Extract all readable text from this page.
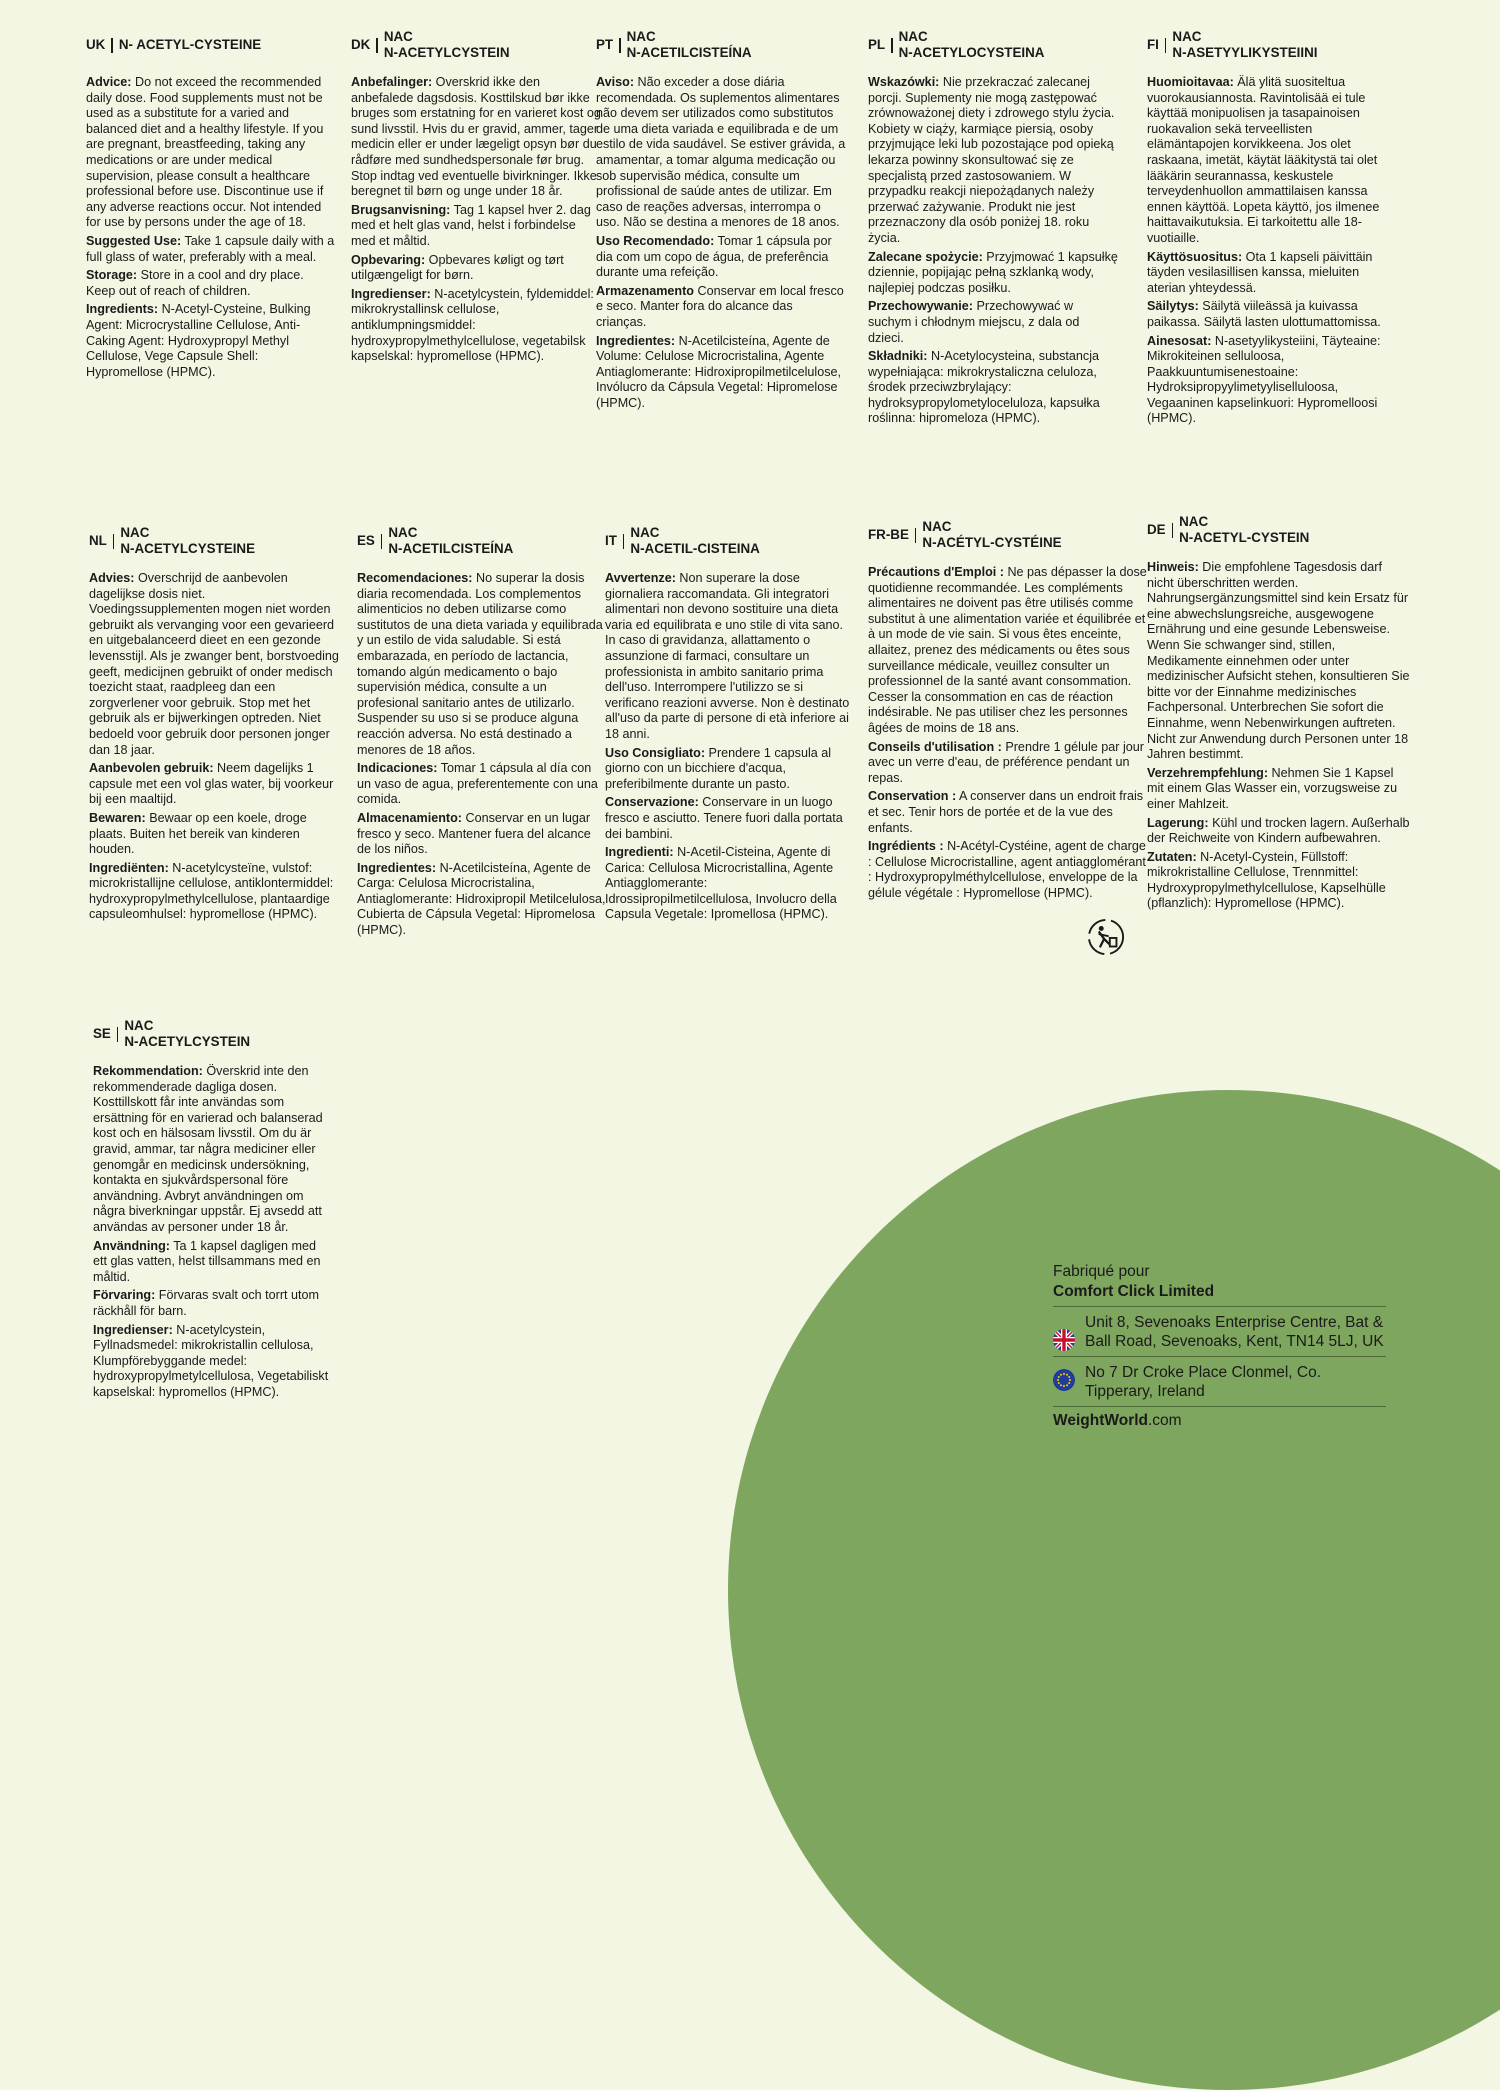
UK N- ACETYL-CYSTEINE
Advice: Do not exceed the recommended daily dose. Food supplements must not be used as a substitute for a varied and balanced diet and a healthy lifestyle. If you are pregnant, breastfeeding, taking any medications or are under medical supervision, please consult a healthcare professional before use. Discontinue use if any adverse reactions occur. Not intended for use by persons under the age of 18.
Suggested Use: Take 1 capsule daily with a full glass of water, preferably with a meal.
Storage: Store in a cool and dry place. Keep out of reach of children.
Ingredients: N-Acetyl-Cysteine, Bulking Agent: Microcrystalline Cellulose, Anti-Caking Agent: Hydroxypropyl Methyl Cellulose, Vege Capsule Shell: Hypromellose (HPMC).
DK
NAC
N-ACETYLCYSTEIN
Anbefalinger: Overskrid ikke den anbefalede dagsdosis. Kosttilskud bør ikke bruges som erstatning for en varieret kost og sund livsstil. Hvis du er gravid, ammer, tager medicin eller er under lægeligt opsyn bør du rådføre med sundhedspersonale før brug. Stop indtag ved eventuelle bivirkninger. Ikke beregnet til børn og unge under 18 år.
Brugsanvisning: Tag 1 kapsel hver 2. dag med et helt glas vand, helst i forbindelse med et måltid.
Opbevaring: Opbevares køligt og tørt utilgængeligt for børn.
Ingredienser: N-acetylcystein, fyldemiddel: mikrokrystallinsk cellulose, antiklumpningsmiddel: hydroxypropylmethylcellulose, vegetabilsk kapselskal: hypromellose (HPMC).
PT
NAC
N-ACETILCISTEÍNA
Aviso: Não exceder a dose diária recomendada. Os suplementos alimentares não devem ser utilizados como substitutos de uma dieta variada e equilibrada e de um estilo de vida saudável. Se estiver grávida, a amamentar, a tomar alguma medicação ou sob supervisão médica, consulte um profissional de saúde antes de utilizar. Em caso de reações adversas, interrompa o uso. Não se destina a menores de 18 anos.
Uso Recomendado: Tomar 1 cápsula por dia com um copo de água, de preferência durante uma refeição.
Armazenamento Conservar em local fresco e seco. Manter fora do alcance das crianças.
Ingredientes: N-Acetilcisteína, Agente de Volume: Celulose Microcristalina, Agente Antiaglomerante: Hidroxipropilmetilcelulose, Invólucro da Cápsula Vegetal: Hipromelose (HPMC).
PL
NAC
N-ACETYLOCYSTEINA
Wskazówki: Nie przekraczać zalecanej porcji. Suplementy nie mogą zastępować zrównoważonej diety i zdrowego stylu życia. Kobiety w ciąży, karmiące piersią, osoby przyjmujące leki lub pozostające pod opieką lekarza powinny skonsultować się ze specjalistą przed zastosowaniem. W przypadku reakcji niepożądanych należy przerwać zażywanie. Produkt nie jest przeznaczony dla osób poniżej 18. roku życia.
Zalecane spożycie: Przyjmować 1 kapsułkę dziennie, popijając pełną szklanką wody, najlepiej podczas posiłku.
Przechowywanie: Przechowywać w suchym i chłodnym miejscu, z dala od dzieci.
Składniki: N-Acetylocysteina, substancja wypełniająca: mikrokrystaliczna celuloza, środek przeciwzbrylający: hydroksypropylometyloceluloza, kapsułka roślinna: hipromeloza (HPMC).
FI
NAC
N-ASETYYLIKYSTEIINI
Huomioitavaa: Älä ylitä suositeltua vuorokausiannosta. Ravintolisää ei tule käyttää monipuolisen ja tasapainoisen ruokavalion sekä terveellisten elämäntapojen korvikkeena. Jos olet raskaana, imetät, käytät lääkitystä tai olet lääkärin seurannassa, keskustele terveydenhuollon ammattilaisen kanssa ennen käyttöä. Lopeta käyttö, jos ilmenee haittavaikutuksia. Ei tarkoitettu alle 18-vuotiaille.
Käyttösuositus: Ota 1 kapseli päivittäin täyden vesilasillisen kanssa, mieluiten aterian yhteydessä.
Säilytys: Säilytä viileässä ja kuivassa paikassa. Säilytä lasten ulottumattomissa.
Ainesosat: N-asetyylikysteiini, Täyteaine: Mikrokiteinen selluloosa, Paakkuuntumisenestoaine: Hydroksipropyylimetyyliselluloosa, Vegaaninen kapselinkuori: Hypromelloosi (HPMC).
NL
NAC
N-ACETYLCYSTEINE
Advies: Overschrijd de aanbevolen dagelijkse dosis niet. Voedingssupplementen mogen niet worden gebruikt als vervanging voor een gevarieerd en uitgebalanceerd dieet en een gezonde levensstijl. Als je zwanger bent, borstvoeding geeft, medicijnen gebruikt of onder medisch toezicht staat, raadpleeg dan een zorgverlener voor gebruik. Stop met het gebruik als er bijwerkingen optreden. Niet bedoeld voor gebruik door personen jonger dan 18 jaar.
Aanbevolen gebruik: Neem dagelijks 1 capsule met een vol glas water, bij voorkeur bij een maaltijd.
Bewaren: Bewaar op een koele, droge plaats. Buiten het bereik van kinderen houden.
Ingrediënten: N-acetylcysteïne, vulstof: microkristallijne cellulose, antiklontermiddel: hydroxypropylmethylcellulose, plantaardige capsuleomhulsel: hypromellose (HPMC).
ES
NAC
N-ACETILCISTEÍNA
Recomendaciones: No superar la dosis diaria recomendada. Los complementos alimenticios no deben utilizarse como sustitutos de una dieta variada y equilibrada y un estilo de vida saludable. Si está embarazada, en período de lactancia, tomando algún medicamento o bajo supervisión médica, consulte a un profesional sanitario antes de utilizarlo. Suspender su uso si se produce alguna reacción adversa. No está destinado a menores de 18 años.
Indicaciones: Tomar 1 cápsula al día con un vaso de agua, preferentemente con una comida.
Almacenamiento: Conservar en un lugar fresco y seco. Mantener fuera del alcance de los niños.
Ingredientes: N-Acetilcisteína, Agente de Carga: Celulosa Microcristalina, Antiaglomerante: Hidroxipropil Metilcelulosa, Cubierta de Cápsula Vegetal: Hipromelosa (HPMC).
IT
NAC
N-ACETIL-CISTEINA
Avvertenze: Non superare la dose giornaliera raccomandata. Gli integratori alimentari non devono sostituire una dieta varia ed equilibrata e uno stile di vita sano. In caso di gravidanza, allattamento o assunzione di farmaci, consultare un professionista in ambito sanitario prima dell'uso. Interrompere l'utilizzo se si verificano reazioni avverse. Non è destinato all'uso da parte di persone di età inferiore ai 18 anni.
Uso Consigliato: Prendere 1 capsula al giorno con un bicchiere d'acqua, preferibilmente durante un pasto.
Conservazione: Conservare in un luogo fresco e asciutto. Tenere fuori dalla portata dei bambini.
Ingredienti: N-Acetil-Cisteina, Agente di Carica: Cellulosa Microcristallina, Agente Antiagglomerante: Idrossipropilmetilcellulosa, Involucro della Capsula Vegetale: Ipromellosa (HPMC).
FR-BE
NAC
N-ACÉTYL-CYSTÉINE
Précautions d'Emploi : Ne pas dépasser la dose quotidienne recommandée. Les compléments alimentaires ne doivent pas être utilisés comme substitut à une alimentation variée et équilibrée et à un mode de vie sain. Si vous êtes enceinte, allaitez, prenez des médicaments ou êtes sous surveillance médicale, veuillez consulter un professionnel de la santé avant consommation. Cesser la consommation en cas de réaction indésirable. Ne pas utiliser chez les personnes âgées de moins de 18 ans.
Conseils d'utilisation : Prendre 1 gélule par jour avec un verre d'eau, de préférence pendant un repas.
Conservation : A conserver dans un endroit frais et sec. Tenir hors de portée et de la vue des enfants.
Ingrédients : N-Acétyl-Cystéine, agent de charge : Cellulose Microcristalline, agent antiagglomérant : Hydroxypropylméthylcellulose, enveloppe de la gélule végétale : Hypromellose (HPMC).
DE
NAC
N-ACETYL-CYSTEIN
Hinweis: Die empfohlene Tagesdosis darf nicht überschritten werden. Nahrungsergänzungsmittel sind kein Ersatz für eine abwechslungsreiche, ausgewogene Ernährung und eine gesunde Lebensweise. Wenn Sie schwanger sind, stillen, Medikamente einnehmen oder unter medizinischer Aufsicht stehen, konsultieren Sie bitte vor der Einnahme medizinisches Fachpersonal. Unterbrechen Sie sofort die Einnahme, wenn Nebenwirkungen auftreten. Nicht zur Anwendung durch Personen unter 18 Jahren bestimmt.
Verzehrempfehlung: Nehmen Sie 1 Kapsel mit einem Glas Wasser ein, vorzugsweise zu einer Mahlzeit.
Lagerung: Kühl und trocken lagern. Außerhalb der Reichweite von Kindern aufbewahren.
Zutaten: N-Acetyl-Cystein, Füllstoff: mikrokristalline Cellulose, Trennmittel: Hydroxypropylmethylcellulose, Kapselhülle (pflanzlich): Hypromellose (HPMC).
SE
NAC
N-ACETYLCYSTEIN
Rekommendation: Överskrid inte den rekommenderade dagliga dosen. Kosttillskott får inte användas som ersättning för en varierad och balanserad kost och en hälsosam livsstil. Om du är gravid, ammar, tar några mediciner eller genomgår en medicinsk undersökning, kontakta en sjukvårdspersonal före användning. Avbryt användningen om några biverkningar uppstår. Ej avsedd att användas av personer under 18 år.
Användning: Ta 1 kapsel dagligen med ett glas vatten, helst tillsammans med en måltid.
Förvaring: Förvaras svalt och torrt utom räckhåll för barn.
Ingredienser: N-acetylcystein, Fyllnadsmedel: mikrokristallin cellulosa, Klumpförebyggande medel: hydroxypropylmetylcellulosa, Vegetabiliskt kapselskal: hypromellos (HPMC).
Fabriqué pour
Comfort Click Limited
Unit 8, Sevenoaks Enterprise Centre, Bat & Ball Road, Sevenoaks, Kent, TN14 5LJ, UK
No 7 Dr Croke Place Clonmel, Co. Tipperary, Ireland
WeightWorld.com
